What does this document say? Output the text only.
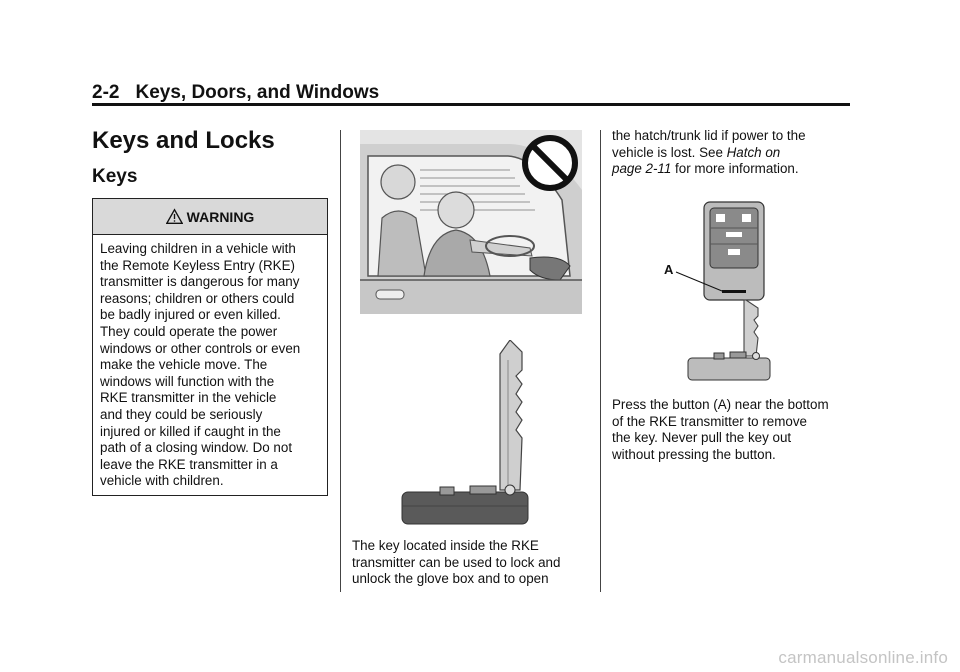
2-2 Keys, Doors, and Windows
Keys and Locks
Keys
WARNING
Leaving children in a vehicle with
the Remote Keyless Entry (RKE)
transmitter is dangerous for many
reasons; children or others could
be badly injured or even killed.
They could operate the power
windows or other controls or even
make the vehicle move. The
windows will function with the
RKE transmitter in the vehicle
and they could be seriously
injured or killed if caught in the
path of a closing window. Do not
leave the RKE transmitter in a
vehicle with children.
The key located inside the RKE
transmitter can be used to lock and
unlock the glove box and to open
the hatch/trunk lid if power to the
vehicle is lost. See Hatch on
page 2-11 for more information.
A
Press the button (A) near the bottom
of the RKE transmitter to remove
the key. Never pull the key out
without pressing the button.
carmanualsonline.info
